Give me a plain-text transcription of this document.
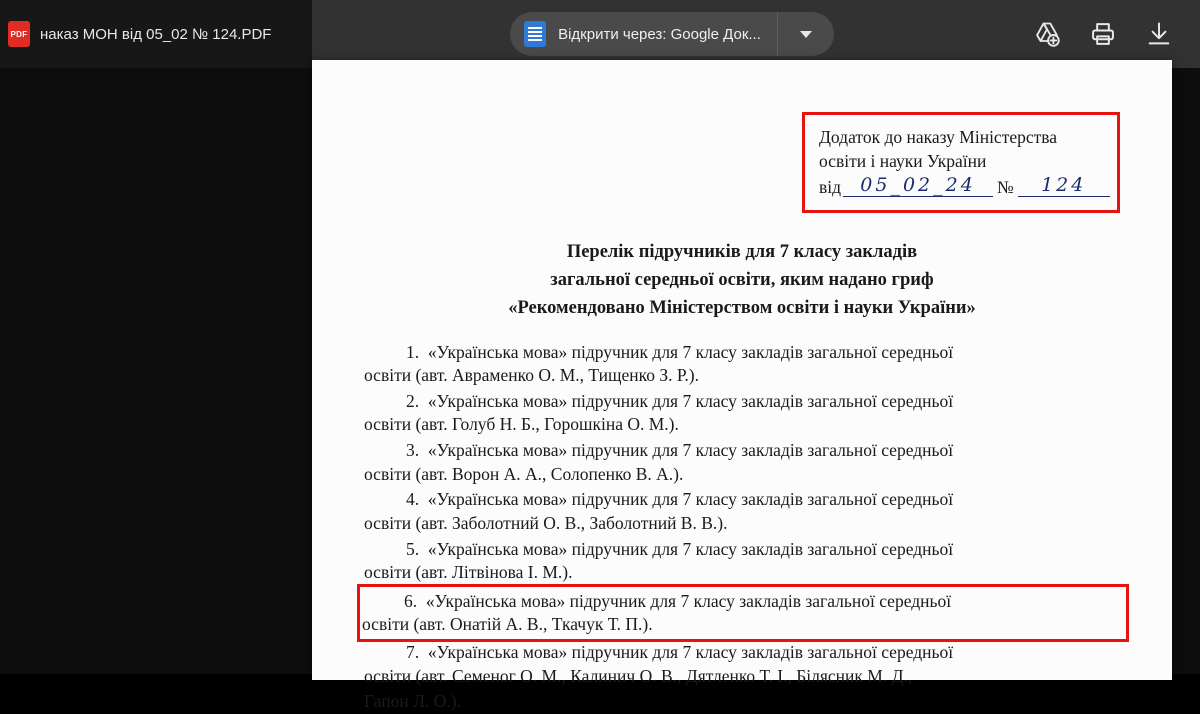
PDF наказ МОН від 05_02 № 124.PDF	Відкрити через: Google Док...
Додаток до наказу Міністерства
освіти і науки України
від	05_02_24	№	124
Перелік підручників для 7 класу закладів
загальної середньої освіти, яким надано гриф
«Рекомендовано Міністерством освіти і науки України»
1. «Українська мова» підручник для 7 класу закладів загальної середньої
освіти (авт. Авраменко О. М., Тищенко З. Р.).
2. «Українська мова» підручник для 7 класу закладів загальної середньої
освіти (авт. Голуб Н. Б., Горошкіна О. М.).
3. «Українська мова» підручник для 7 класу закладів загальної середньої
освіти (авт. Ворон А. А., Солопенко В. А.).
4. «Українська мова» підручник для 7 класу закладів загальної середньої
освіти (авт. Заболотний О. В., Заболотний В. В.).
5. «Українська мова» підручник для 7 класу закладів загальної середньої
освіти (авт. Літвінова І. М.).
6. «Українська мова» підручник для 7 класу закладів загальної середньої
освіти (авт. Онатій А. В., Ткачук Т. П.).
7. «Українська мова» підручник для 7 класу закладів загальної середньої
освіти (авт. Семеног О. М., Калинич О. В., Дятленко Т. І., Білясник М. Д.,
Гапон Л. О.).
